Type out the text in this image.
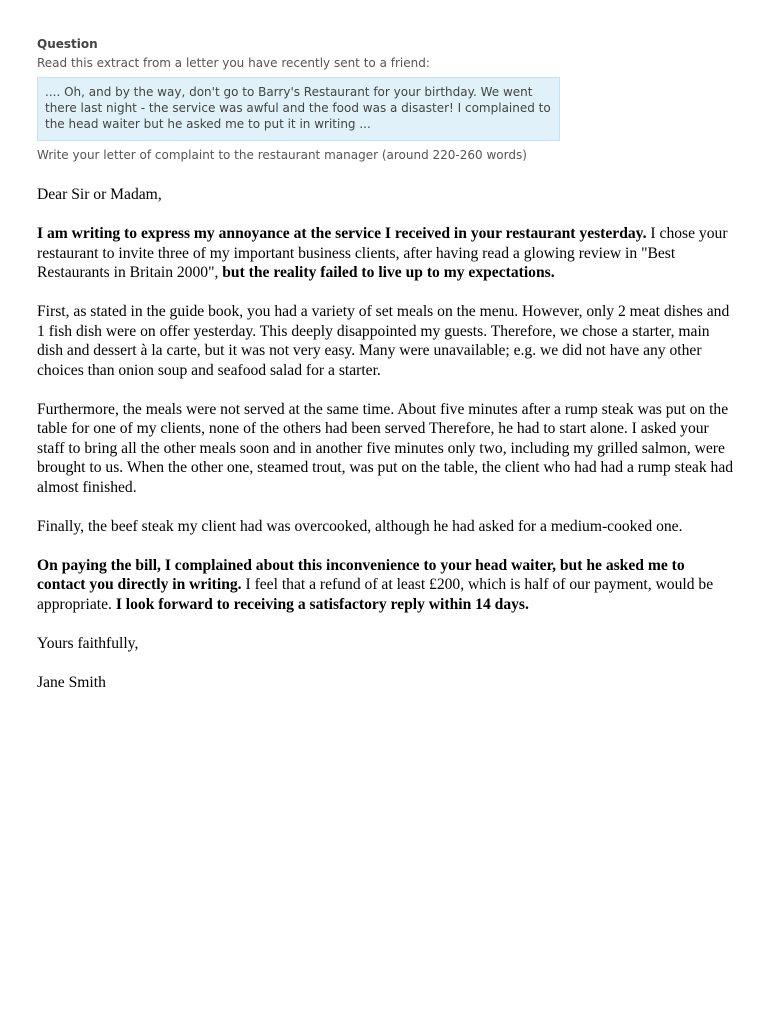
Question
Read this extract from a letter you have recently sent to a friend:
.... Oh, and by the way, don't go to Barry's Restaurant for your birthday. We went there last night - the service was awful and the food was a disaster! I complained to the head waiter but he asked me to put it in writing ...
Write your letter of complaint to the restaurant manager (around 220-260 words)

Dear Sir or Madam,

I am writing to express my annoyance at the service I received in your restaurant yesterday. I chose your restaurant to invite three of my important business clients, after having read a glowing review in "Best Restaurants in Britain 2000", but the reality failed to live up to my expectations.

First, as stated in the guide book, you had a variety of set meals on the menu. However, only 2 meat dishes and 1 fish dish were on offer yesterday. This deeply disappointed my guests. Therefore, we chose a starter, main dish and dessert à la carte, but it was not very easy. Many were unavailable; e.g. we did not have any other choices than onion soup and seafood salad for a starter.

Furthermore, the meals were not served at the same time. About five minutes after a rump steak was put on the table for one of my clients, none of the others had been served Therefore, he had to start alone. I asked your staff to bring all the other meals soon and in another five minutes only two, including my grilled salmon, were brought to us. When the other one, steamed trout, was put on the table, the client who had had a rump steak had almost finished.

Finally, the beef steak my client had was overcooked, although he had asked for a medium-cooked one.

On paying the bill, I complained about this inconvenience to your head waiter, but he asked me to contact you directly in writing. I feel that a refund of at least £200, which is half of our payment, would be appropriate. I look forward to receiving a satisfactory reply within 14 days.

Yours faithfully,

Jane Smith
